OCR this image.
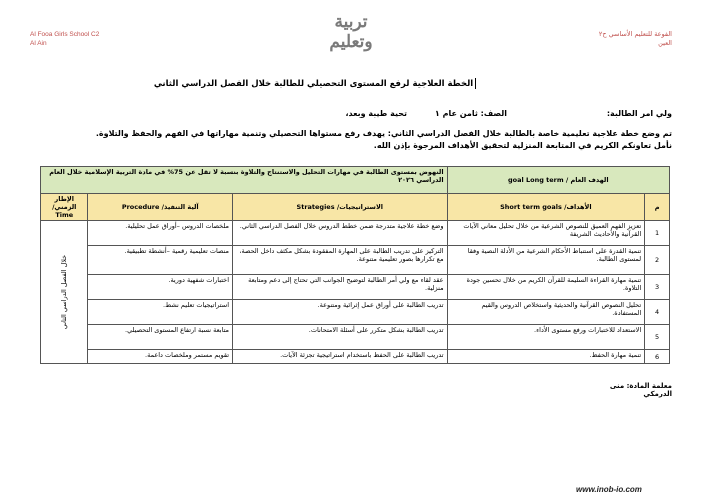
Al Fooa Girls School C2
Al Ain
تربية
وتعليم	الفوعة للتعليم الأساسي ح٢
العين
الخطة العلاجية لرفع المستوى التحصيلي للطالبة خلال الفصل الدراسي الثاني
ولي امر الطالبة:
الصف: ثامن عام ١
تحية طيبة وبعد،
تم وضع خطة علاجية تعليمية خاصة بالطالبة خلال الفصل الدراسي الثاني: يهدف رفع مستواها التحصيلي وتنمية مهاراتها في الفهم والحفظ والتلاوة.
نأمل تعاونكم الكريم في المتابعة المنزلية لتحقيق الأهداف المرجوة بإذن الله.
الهدف العام / goal Long term		النهوض بمستوى الطالبة في مهارات التحليل والاستنتاج والتلاوة بنسبة لا تقل عن 75% في مادة التربية الإسلامية خلال العام الدراسي ٢٠٢٦		
م	الأهداف/ Short term goals	الاستراتيجيات/ Strategies	آلية التنفيذ/ Procedure	الإطار الزمني/ Time
1	تعزيز الفهم العميق للنصوص الشرعية من خلال تحليل معاني الآيات القرآنية والأحاديث الشريفة	وضع خطة علاجية متدرجة ضمن خطط الدروس خلال الفصل الدراسي الثاني.	ملخصات الدروس –أوراق عمل تحليلية.	خلال الفصل الدراسي الثاني

2	تنمية القدرة على استنباط الأحكام الشرعية من الأدلة النصية وفقا لمستوى الطالبة.	التركيز على تدريب الطالبة على المهارة المفقودة بشكل مكثف داخل الحصة، مع تكرارها بصور تعليمية متنوعة.	منصات تعليمية رقمية –أنشطة تطبيقية.	
3	تنمية مهارة القراءة السليمة للقرآن الكريم من خلال تحسين جودة التلاوة.	عقد لقاء مع ولي أمر الطالبة لتوضيح الجوانب التي تحتاج إلى دعم ومتابعة منزلية.	اختبارات شفهية دورية.	
4	تحليل النصوص القرآنية والحديثية واستخلاص الدروس والقيم المستفادة.	تدريب الطالبة على أوراق عمل إثرائية ومتنوعة.	استراتيجيات تعليم نشط.	
5	الاستعداد للاختبارات ورفع مستوى الأداء.	تدريب الطالبة بشكل متكرر على أسئلة الامتحانات.	متابعة نسبة ارتفاع المستوى التحصيلي.	
6	تنمية مهارة الحفظ.	تدريب الطالبة على الحفظ باستخدام استراتيجية تجزئة الآيات.	تقويم مستمر وملخصات داعمة.	
معلمة المادة: منى الدرمكي
www.inob-io.com
